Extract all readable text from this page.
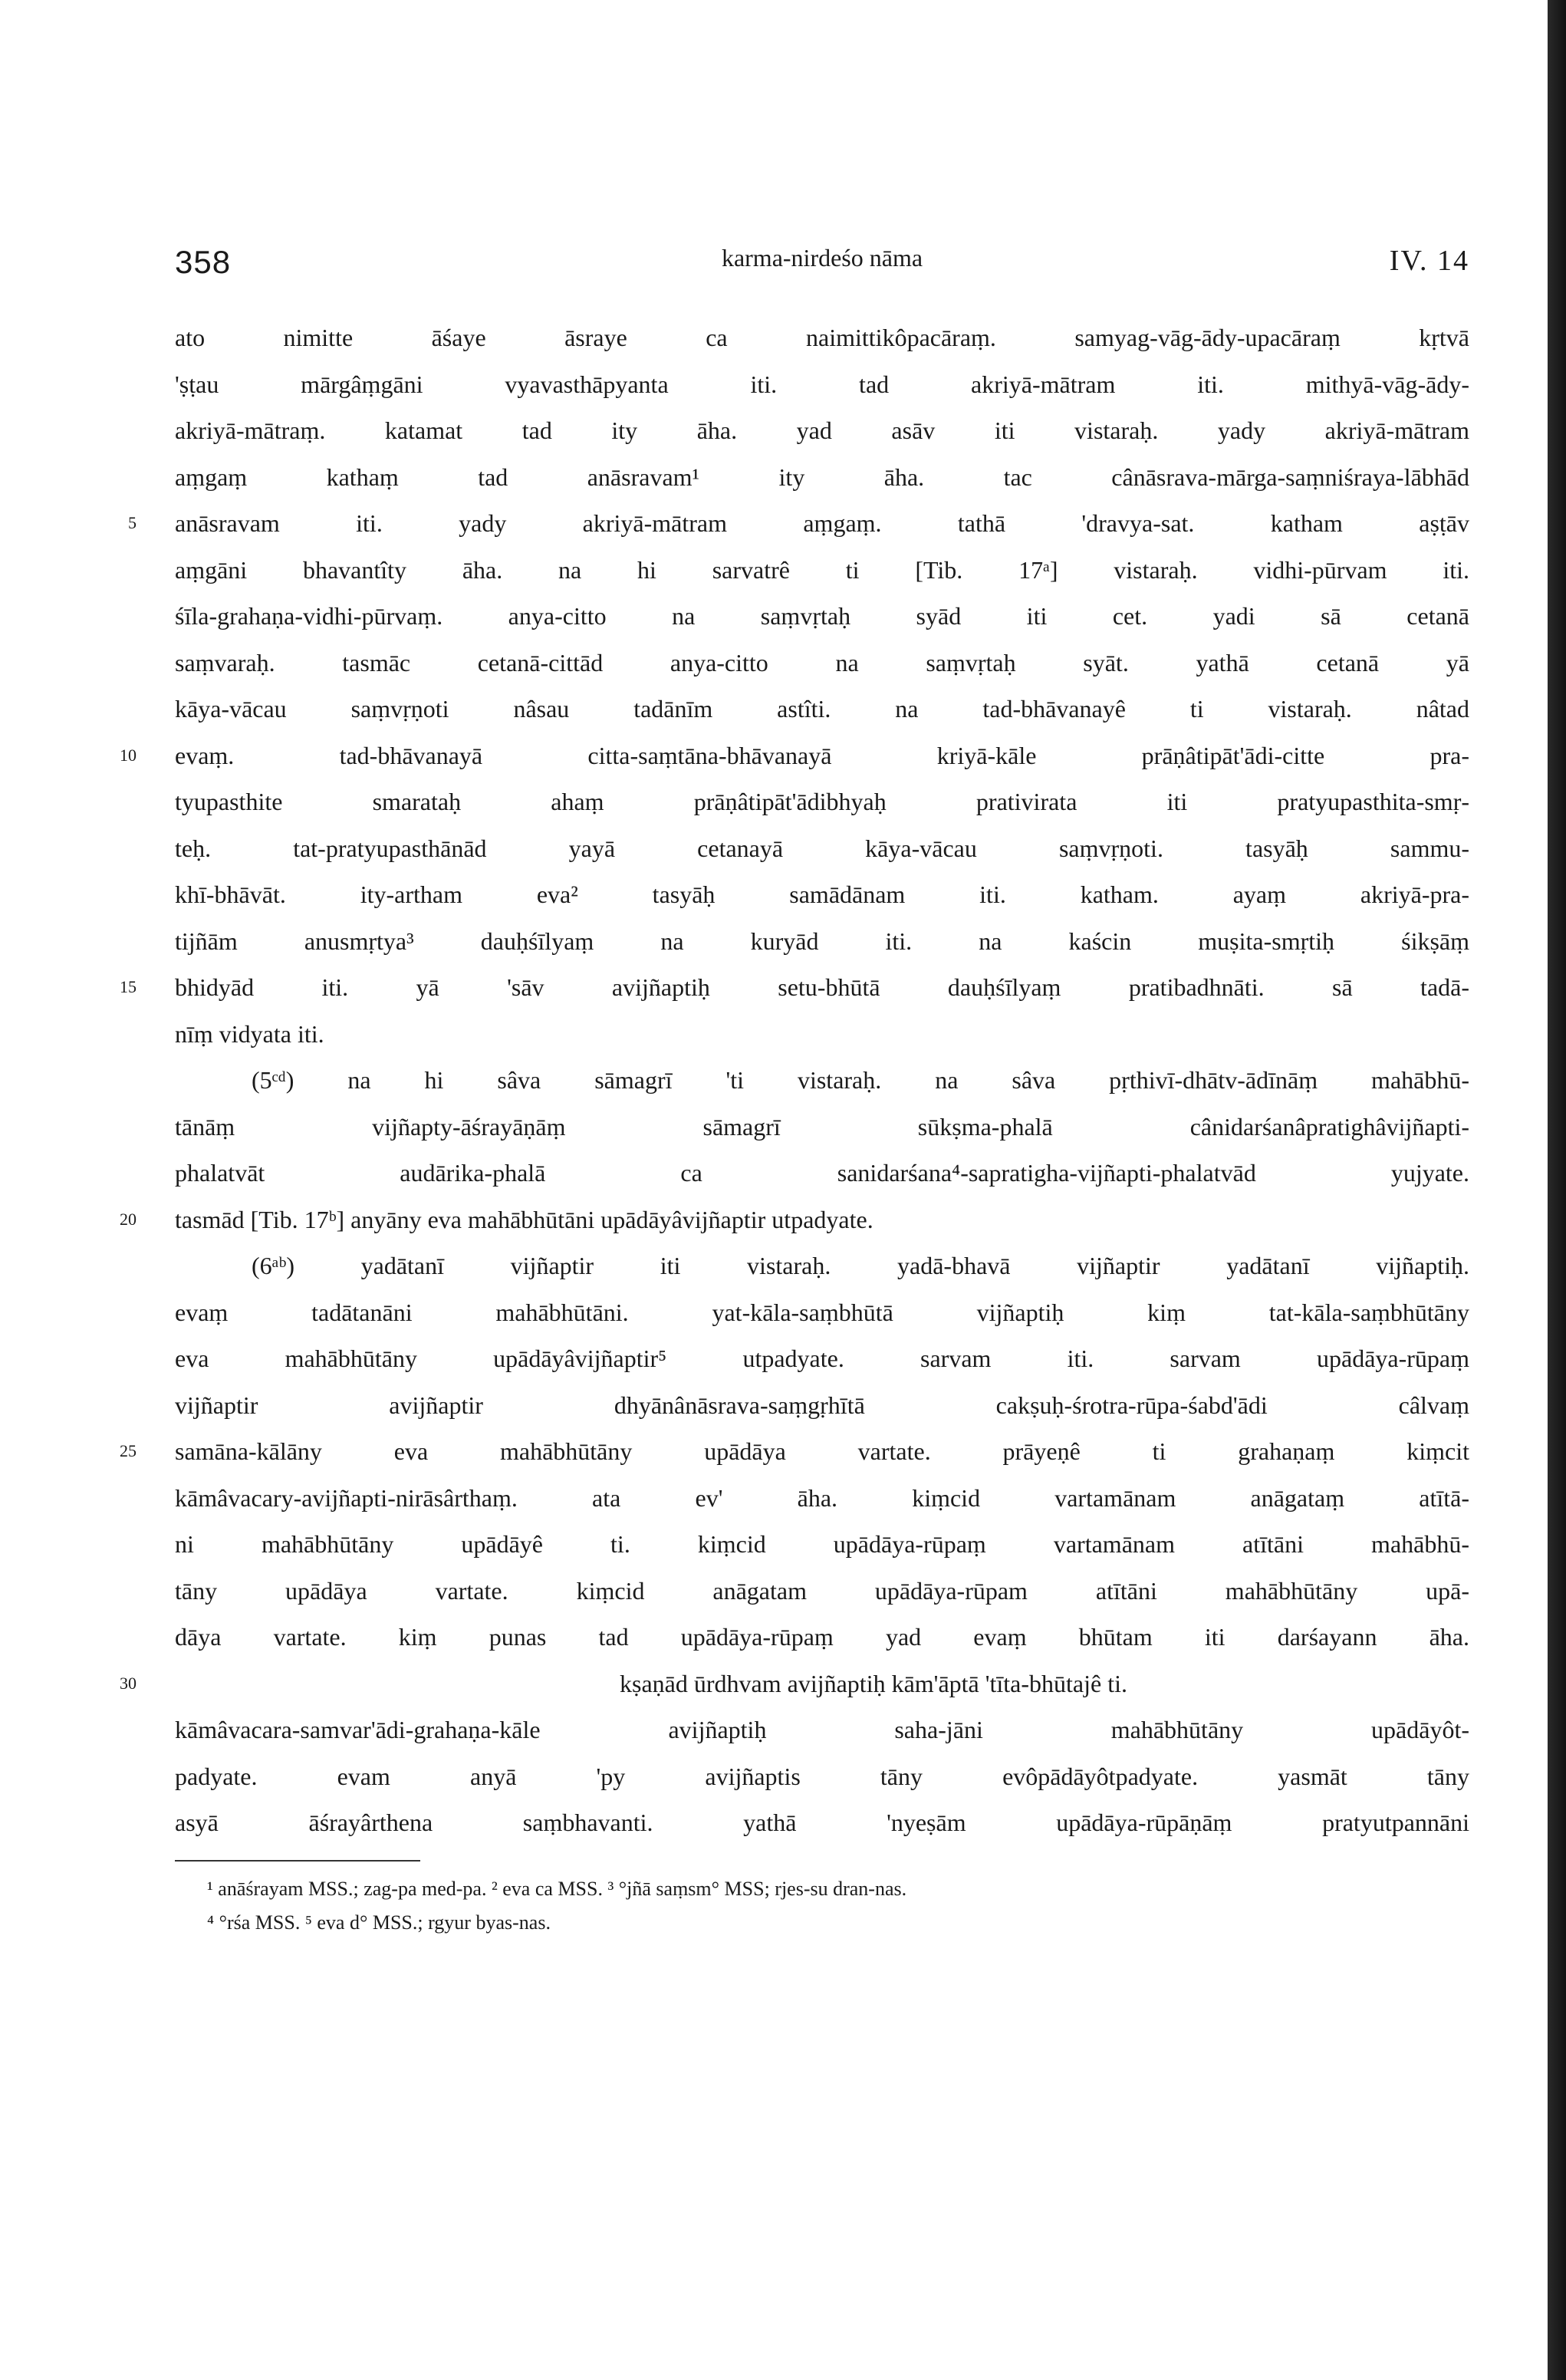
358	karma-nirdeśo nāma	IV. 14
ato nimitte āśaye āsraye ca naimittikôpacāraṃ. samyag-vāg-ādy-upacāraṃ kṛtvā
'ṣṭau mārgâṃgāni vyavasthāpyanta iti. tad akriyā-mātram iti. mithyā-vāg-ādy-
akriyā-mātraṃ. katamat tad ity āha. yad asāv iti vistaraḥ. yady akriyā-mātram
aṃgaṃ kathaṃ tad anāsravam¹ ity āha. tac cânāsrava-mārga-saṃniśraya-lābhād
5 anāsravam iti. yady akriyā-mātram aṃgaṃ. tathā 'dravya-sat. katham aṣṭāv
aṃgāni bhavantîty āha. na hi sarvatrê ti [Tib. 17ᵃ] vistaraḥ. vidhi-pūrvam iti.
śīla-grahaṇa-vidhi-pūrvaṃ. anya-citto na saṃvṛtaḥ syād iti cet. yadi sā cetanā
saṃvaraḥ. tasmāc cetanā-cittād anya-citto na saṃvṛtaḥ syāt. yathā cetanā yā
kāya-vācau saṃvṛṇoti nâsau tadānīm astîti. na tad-bhāvanayê ti vistaraḥ. nâtad
10 evaṃ. tad-bhāvanayā citta-saṃtāna-bhāvanayā kriyā-kāle prāṇâtipāt'ādi-citte pra-
tyupasthite smarataḥ ahaṃ prāṇâtipāt'ādibhyaḥ prativirata iti pratyupasthita-smṛ-
teḥ. tat-pratyupasthānād yayā cetanayā kāya-vācau saṃvṛṇoti. tasyāḥ sammu-
khī-bhāvāt. ity-artham eva² tasyāḥ samādānam iti. katham. ayaṃ akriyā-pra-
tijñām anusmṛtya³ dauḥśīlyaṃ na kuryād iti. na kaścin muṣita-smṛtiḥ śikṣāṃ
15 bhidyād iti. yā 'sāv avijñaptiḥ setu-bhūtā dauḥśīlyaṃ pratibadhnāti. sā tadā-
nīṃ vidyata iti.
(5ᶜᵈ) na hi sâva sāmagrī 'ti vistaraḥ. na sâva pṛthivī-dhātv-ādīnāṃ mahābhū-
tānāṃ vijñapty-āśrayāṇāṃ sāmagrī sūkṣma-phalā cânidarśanâpratighâvijñapti-
phalatvāt audārika-phalā ca sanidarśana⁴-sapratigha-vijñapti-phalatvād yujyate.
20 tasmād [Tib. 17ᵇ] anyāny eva mahābhūtāni upādāyâvijñaptir utpadyate.
(6ᵃᵇ) yadātanī vijñaptir iti vistaraḥ. yadā-bhavā vijñaptir yadātanī vijñaptiḥ.
evaṃ tadātanāni mahābhūtāni. yat-kāla-saṃbhūtā vijñaptiḥ kiṃ tat-kāla-saṃbhūtāny
eva mahābhūtāny upādāyâvijñaptir⁵ utpadyate. sarvam iti. sarvam upādāya-rūpaṃ
vijñaptir avijñaptir dhyānânāsrava-saṃgṛhītā cakṣuḥ-śrotra-rūpa-śabd'ādi câlvaṃ
25 samāna-kālāny eva mahābhūtāny upādāya vartate. prāyeṇê ti grahaṇaṃ kiṃcit
kāmâvacary-avijñapti-nirāsârthaṃ. ata ev' āha. kiṃcid vartamānam anāgataṃ atītā-
ni mahābhūtāny upādāyê ti. kiṃcid upādāya-rūpaṃ vartamānam atītāni mahābhū-
tāny upādāya vartate. kiṃcid anāgatam upādāya-rūpam atītāni mahābhūtāny upā-
dāya vartate. kiṃ punas tad upādāya-rūpaṃ yad evaṃ bhūtam iti darśayann āha.
30	kṣaṇād ūrdhvam avijñaptiḥ kām'āptā 'tīta-bhūtajê ti.
kāmâvacara-samvar'ādi-grahaṇa-kāle avijñaptiḥ saha-jāni mahābhūtāny upādāyôt-
padyate. evam anyā 'py avijñaptis tāny evôpādāyôtpadyate. yasmāt tāny
asyā āśrayârthena saṃbhavanti. yathā 'nyeṣām upādāya-rūpāṇāṃ pratyutpannāni
¹ anāśrayam MSS.; zag-pa med-pa. ² eva ca MSS. ³ °jñā saṃsm° MSS; rjes-su dran-nas.
⁴ °rśa MSS. ⁵ eva d° MSS.; rgyur byas-nas.
